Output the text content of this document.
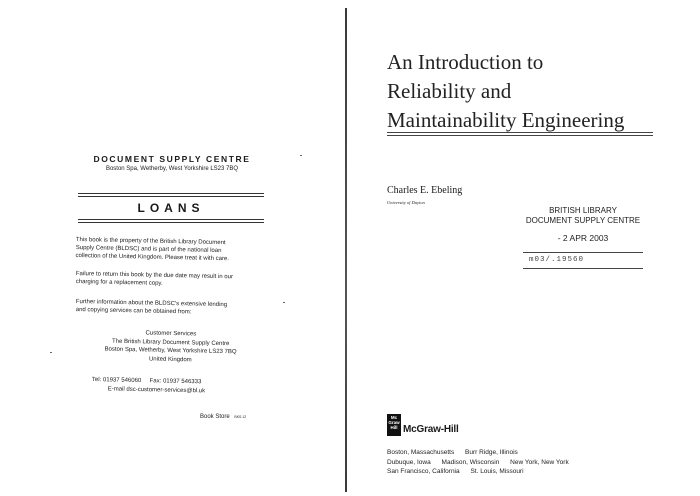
DOCUMENT SUPPLY CENTRE
Boston Spa, Wetherby, West Yorkshire LS23 7BQ
LOANS
This book is the property of the British Library Document
Supply Centre (BLDSC) and is part of the national loan
collection of the United Kingdom. Please treat it with care.
Failure to return this book by the due date may result in our
charging for a replacement copy.
Further information about the BLDSC's extensive lending
and copying services can be obtained from:
Customer Services
The British Library Document Supply Centre
Boston Spa, Wetherby, West Yorkshire LS23 7BQ
United Kingdom
Tel: 01937 546060 Fax: 01937 546333
E-mail dsc-customer-services@bl.uk
Book Store BKS.12
An Introduction to
Reliability and
Maintainability Engineering
Charles E. Ebeling
University of Dayton
BRITISH LIBRARY
DOCUMENT SUPPLY CENTRE
- 2 APR 2003
m03/.19560
Mc
Graw
Hill McGraw-Hill
Boston, Massachusetts Burr Ridge, Illinois
Dubuque, Iowa Madison, Wisconsin New York, New York
San Francisco, California St. Louis, Missouri
